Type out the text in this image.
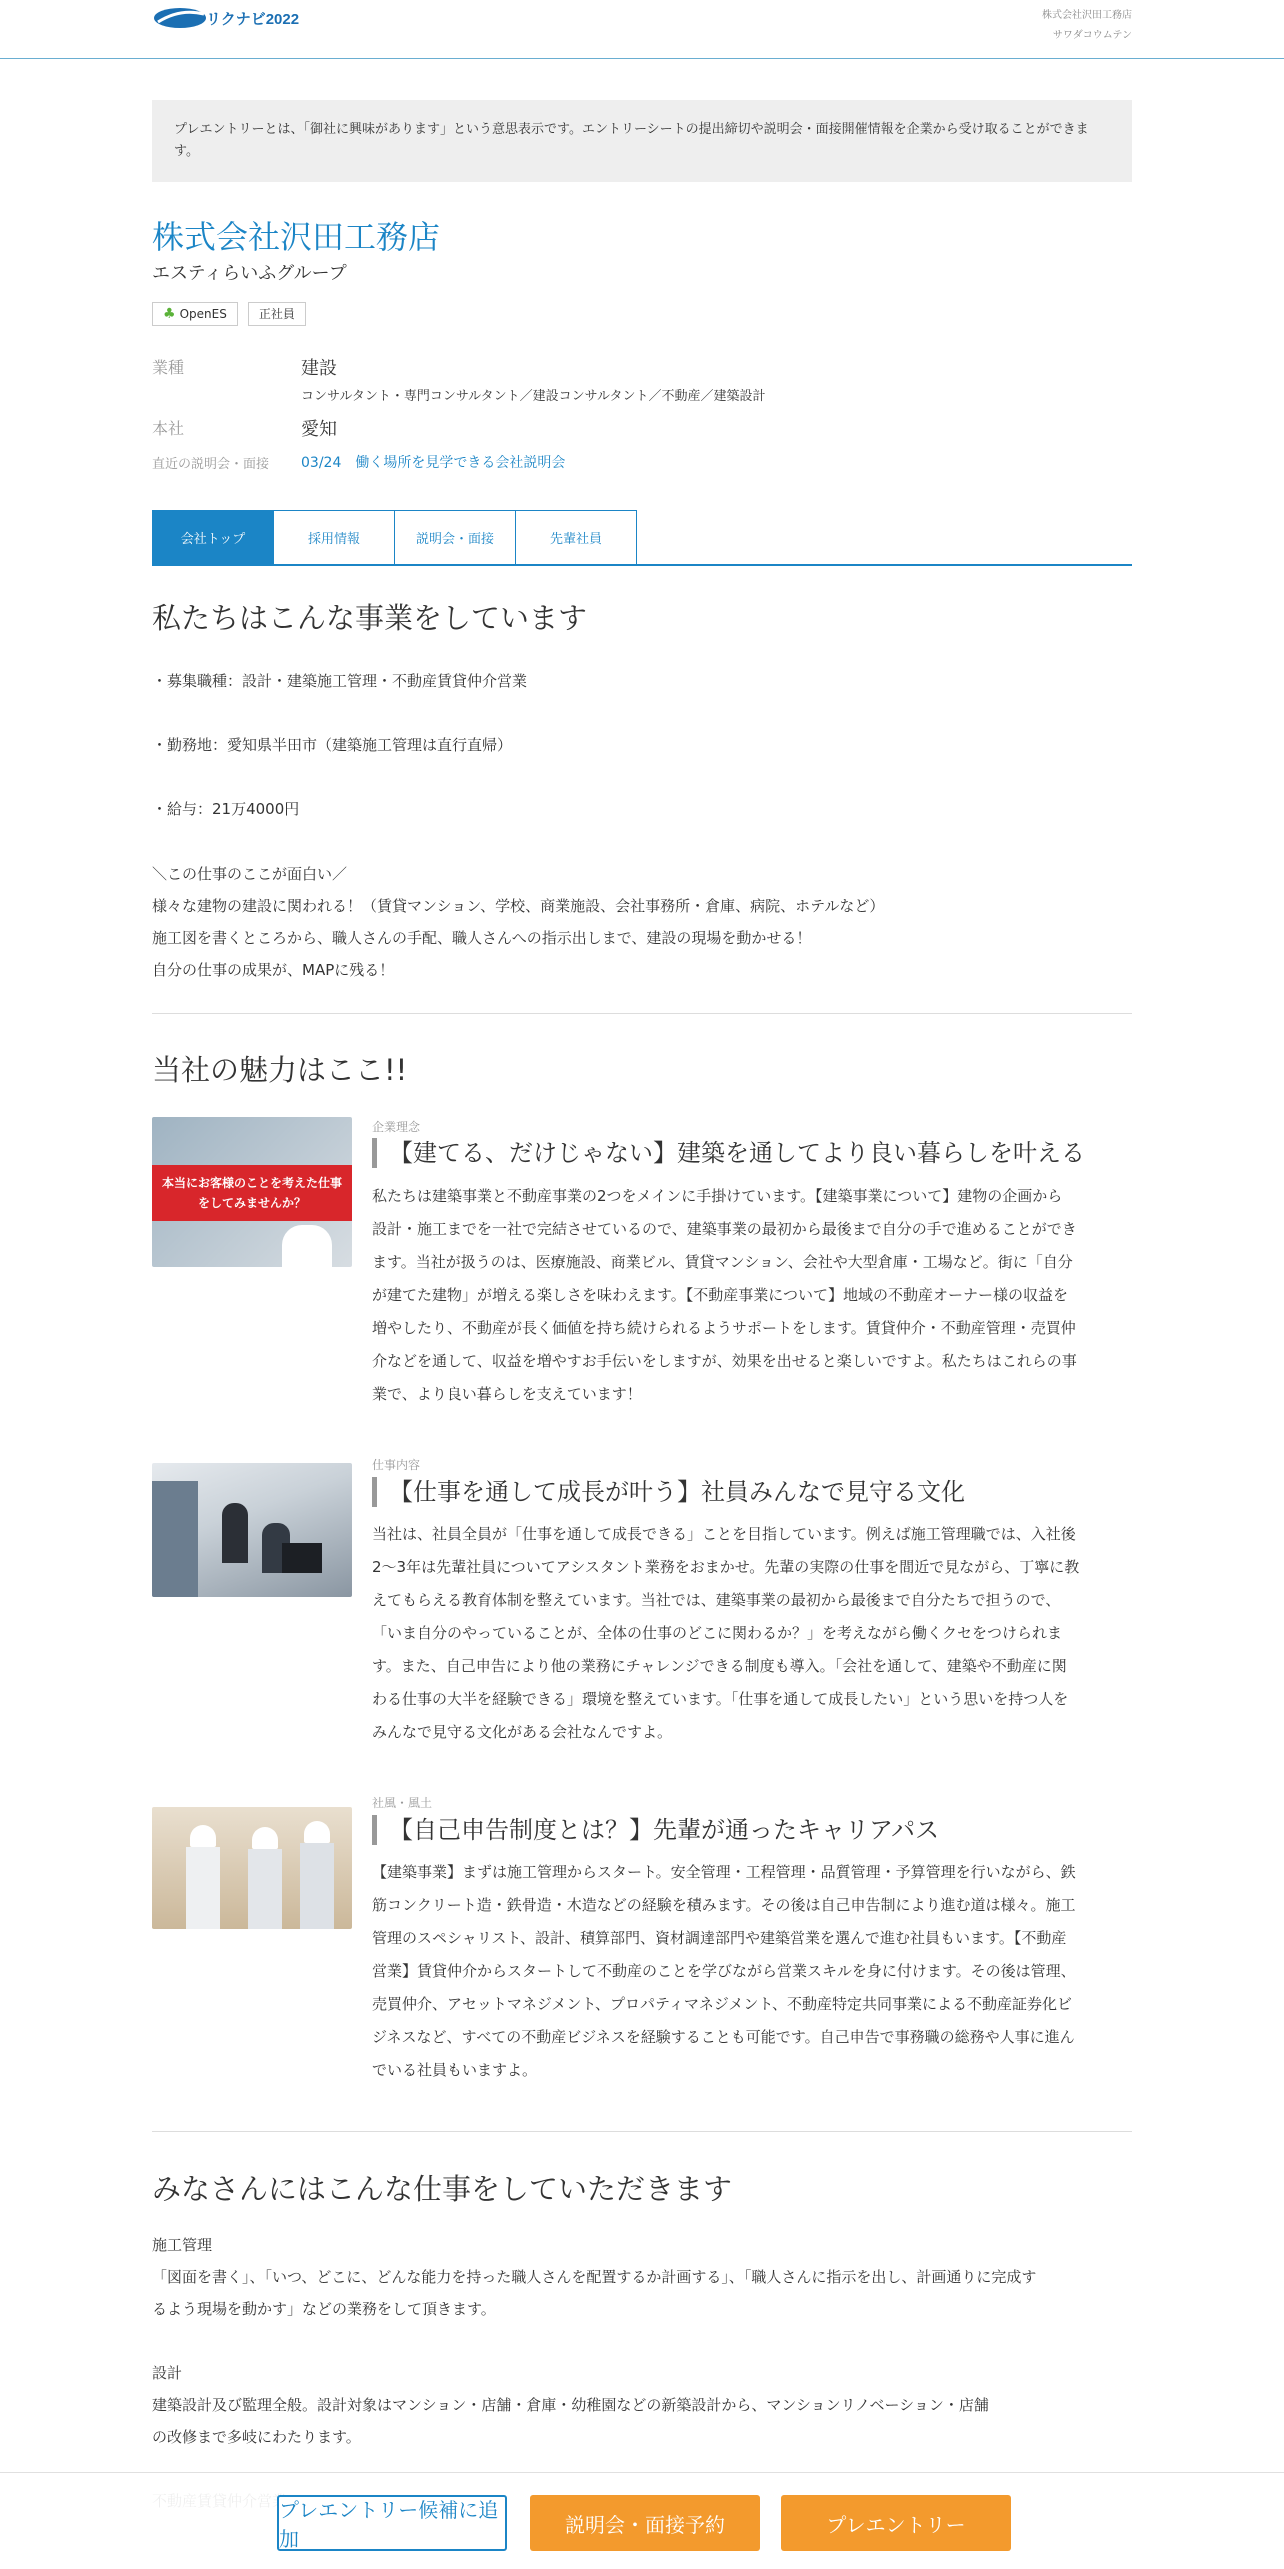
リクナビ2022	株式会社沢田工務店
サワダコウムテン
プレエントリーとは、「御社に興味があります」という意思表示です。エントリーシートの提出締切や説明会・面接開催情報を企業から受け取ることができます。
株式会社沢田工務店
エスティらいふグループ
♣ OpenES	正社員
業種	建設
コンサルタント・専門コンサルタント／建設コンサルタント／不動産／建築設計
本社	愛知
直近の説明会・面接 03/24　働く場所を見学できる会社説明会
会社トップ	採用情報	説明会・面接	先輩社員
私たちはこんな事業をしています
・募集職種：設計・建築施工管理・不動産賃貸仲介営業
・勤務地：愛知県半田市（建築施工管理は直行直帰）
・給与：21万4000円
＼この仕事のここが面白い／
様々な建物の建設に関われる！（賃貸マンション、学校、商業施設、会社事務所・倉庫、病院、ホテルなど）
施工図を書くところから、職人さんの手配、職人さんへの指示出しまで、建設の現場を動かせる！
自分の仕事の成果が、MAPに残る！
当社の魅力はここ!!
本当にお客様のことを考えた仕事をしてみませんか？
企業理念
【建てる、だけじゃない】建築を通してより良い暮らしを叶える
私たちは建築事業と不動産事業の2つをメインに手掛けています。【建築事業について】建物の企画から
設計・施工までを一社で完結させているので、建築事業の最初から最後まで自分の手で進めることができ
ます。当社が扱うのは、医療施設、商業ビル、賃貸マンション、会社や大型倉庫・工場など。街に「自分
が建てた建物」が増える楽しさを味わえます。【不動産事業について】地域の不動産オーナー様の収益を
増やしたり、不動産が長く価値を持ち続けられるようサポートをします。賃貸仲介・不動産管理・売買仲
介などを通して、収益を増やすお手伝いをしますが、効果を出せると楽しいですよ。私たちはこれらの事
業で、より良い暮らしを支えています！
仕事内容
【仕事を通して成長が叶う】社員みんなで見守る文化
当社は、社員全員が「仕事を通して成長できる」ことを目指しています。例えば施工管理職では、入社後
2～3年は先輩社員についてアシスタント業務をおまかせ。先輩の実際の仕事を間近で見ながら、丁寧に教
えてもらえる教育体制を整えています。当社では、建築事業の最初から最後まで自分たちで担うので、
「いま自分のやっていることが、全体の仕事のどこに関わるか？」を考えながら働くクセをつけられま
す。また、自己申告により他の業務にチャレンジできる制度も導入。「会社を通して、建築や不動産に関
わる仕事の大半を経験できる」環境を整えています。「仕事を通して成長したい」という思いを持つ人を
みんなで見守る文化がある会社なんですよ。
社風・風土
【自己申告制度とは？】先輩が通ったキャリアパス
【建築事業】まずは施工管理からスタート。安全管理・工程管理・品質管理・予算管理を行いながら、鉄
筋コンクリート造・鉄骨造・木造などの経験を積みます。その後は自己申告制により進む道は様々。施工
管理のスペシャリスト、設計、積算部門、資材調達部門や建築営業を選んで進む社員もいます。【不動産
営業】賃貸仲介からスタートして不動産のことを学びながら営業スキルを身に付けます。その後は管理、
売買仲介、アセットマネジメント、プロパティマネジメント、不動産特定共同事業による不動産証券化ビ
ジネスなど、すべての不動産ビジネスを経験することも可能です。自己申告で事務職の総務や人事に進ん
でいる社員もいますよ。
みなさんにはこんな仕事をしていただきます
施工管理
「図面を書く」、「いつ、どこに、どんな能力を持った職人さんを配置するか計画する」、「職人さんに指示を出し、計画通りに完成す
るよう現場を動かす」などの業務をして頂きます。
設計
建築設計及び監理全般。設計対象はマンション・店舗・倉庫・幼稚園などの新築設計から、マンションリノベーション・店舗
の改修まで多岐にわたります。
プレエントリー候補に追加
説明会・面接予約	プレエントリー
